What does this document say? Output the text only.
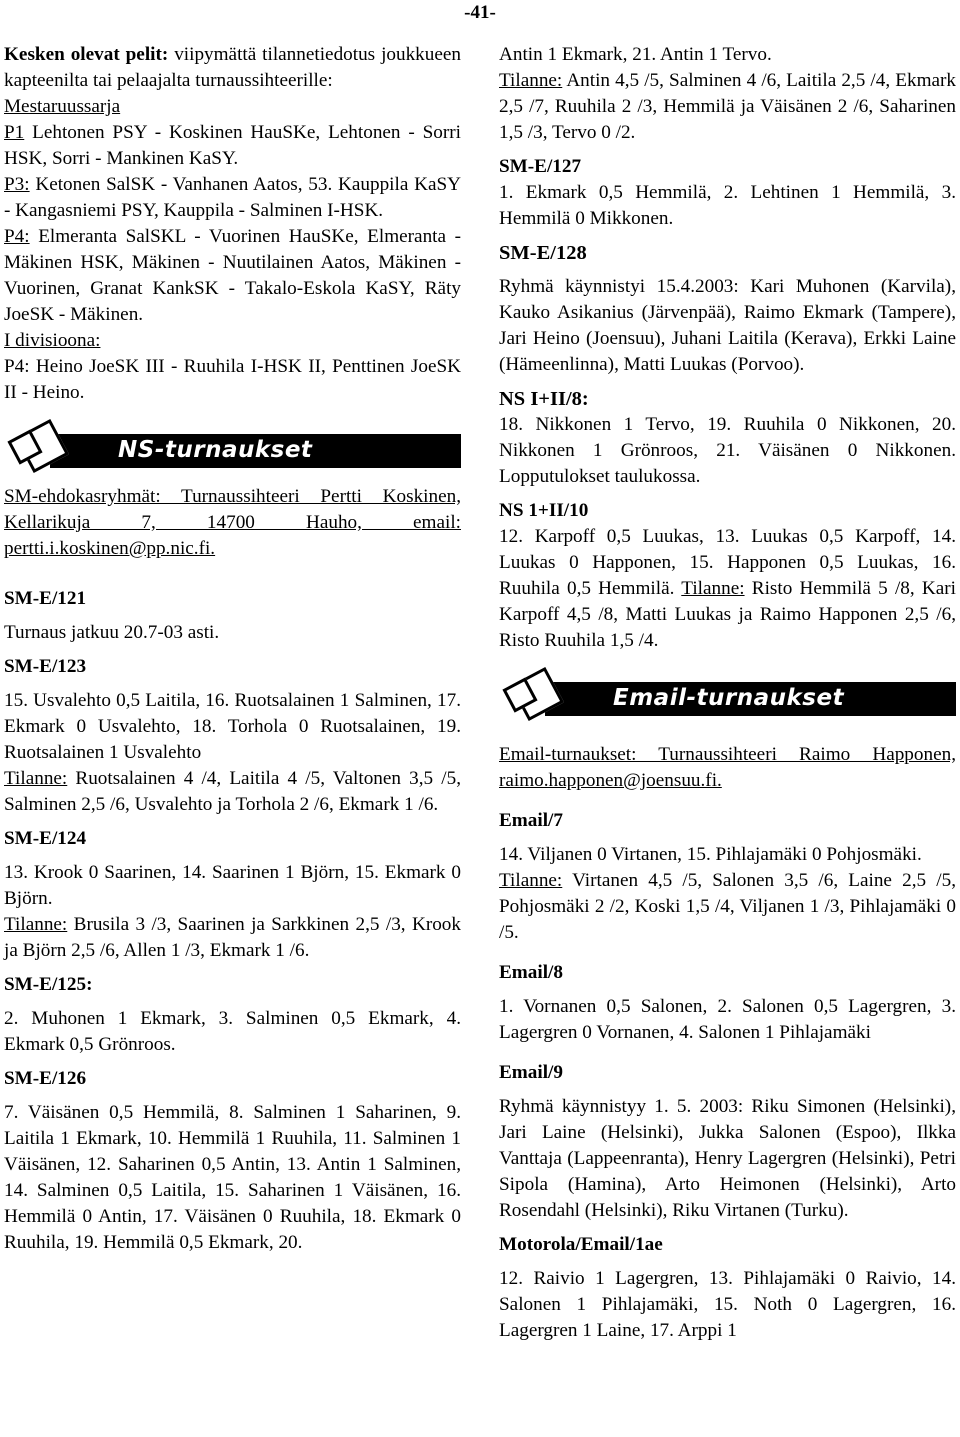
-41-

Kesken olevat pelit: viipymättä tilannetiedotus joukkueen kapteenilta tai pelaajalta turnaussihteerille:

Mestaruussarja

P1 Lehtonen PSY - Koskinen HauSKe, Lehtonen - Sorri HSK, Sorri - Mankinen KaSY.

P3: Ketonen SalSK - Vanhanen Aatos, 53. Kauppila KaSY - Kangasniemi PSY, Kauppila - Salminen I-HSK.

P4: Elmeranta SalSKL - Vuorinen HauSKe, Elmeranta - Mäkinen HSK, Mäkinen - Nuutilainen Aatos, Mäkinen - Vuorinen, Granat KankSK - Takalo-Eskola KaSY, Räty JoeSK - Mäkinen.

I divisioona:

P4: Heino JoeSK III - Ruuhila I-HSK II, Penttinen JoeSK II - Heino.

NS-turnaukset

SM-ehdokasryhmät: Turnaussihteeri Pertti Koskinen, Kellarikuja 7, 14700 Hauho, email: pertti.i.koskinen@pp.nic.fi.

SM-E/121

Turnaus jatkuu 20.7-03 asti.

SM-E/123

15. Usvalehto 0,5 Laitila, 16. Ruotsalainen 1 Salminen, 17. Ekmark 0 Usvalehto, 18. Torhola 0 Ruotsalainen, 19. Ruotsalainen 1 Usvalehto
Tilanne: Ruotsalainen 4 /4, Laitila 4 /5, Valtonen 3,5 /5, Salminen 2,5 /6, Usvalehto ja Torhola 2 /6, Ekmark 1 /6.

SM-E/124

13. Krook 0 Saarinen, 14. Saarinen 1 Björn, 15. Ekmark 0 Björn.

Tilanne: Brusila 3 /3, Saarinen ja Sarkkinen 2,5 /3, Krook ja Björn 2,5 /6, Allen 1 /3, Ekmark 1 /6.

SM-E/125:

2. Muhonen 1 Ekmark, 3. Salminen 0,5 Ekmark, 4. Ekmark 0,5 Grönroos.

SM-E/126

7. Väisänen 0,5 Hemmilä, 8. Salminen 1 Saharinen, 9. Laitila 1 Ekmark, 10. Hemmilä 1 Ruuhila, 11. Salminen 1 Väisänen, 12. Saharinen 0,5 Antin, 13. Antin 1 Salminen, 14. Salminen 0,5 Laitila, 15. Saharinen 1 Väisänen, 16. Hemmilä 0 Antin, 17. Väisänen 0 Ruuhila, 18. Ekmark 0 Ruuhila, 19. Hemmilä 0,5 Ekmark, 20.

Antin 1 Ekmark, 21. Antin 1 Tervo.

Tilanne: Antin 4,5 /5, Salminen 4 /6, Laitila 2,5 /4, Ekmark 2,5 /7, Ruuhila 2 /3, Hemmilä ja Väisänen 2 /6, Saharinen 1,5 /3, Tervo 0 /2.

SM-E/127

1. Ekmark 0,5 Hemmilä, 2. Lehtinen 1 Hemmilä, 3. Hemmilä 0 Mikkonen.

SM-E/128

Ryhmä käynnistyi 15.4.2003: Kari Muhonen (Karvila), Kauko Asikanius (Järvenpää), Raimo Ekmark (Tampere), Jari Heino (Joensuu), Juhani Laitila (Kerava), Erkki Laine (Hämeenlinna), Matti Luukas (Porvoo).

NS I+II/8:

18. Nikkonen 1 Tervo, 19. Ruuhila 0 Nikkonen, 20. Nikkonen 1 Grönroos, 21. Väisänen 0 Nikkonen. Lopputulokset taulukossa.

NS 1+II/10

12. Karpoff 0,5 Luukas, 13. Luukas 0,5 Karpoff, 14. Luukas 0 Happonen, 15. Happonen 0,5 Luukas, 16. Ruuhila 0,5 Hemmilä. Tilanne: Risto Hemmilä 5 /8, Kari Karpoff 4,5 /8, Matti Luukas ja Raimo Happonen 2,5 /6, Risto Ruuhila 1,5 /4.

Email-turnaukset

Email-turnaukset: Turnaussihteeri Raimo Happonen, raimo.happonen@joensuu.fi.

Email/7

14. Viljanen 0 Virtanen, 15. Pihlajamäki 0 Pohjosmäki.

Tilanne: Virtanen 4,5 /5, Salonen 3,5 /6, Laine 2,5 /5, Pohjosmäki 2 /2, Koski 1,5 /4, Viljanen 1 /3, Pihlajamäki 0 /5.

Email/8

1. Vornanen 0,5 Salonen, 2. Salonen 0,5 Lagergren, 3. Lagergren 0 Vornanen, 4. Salonen 1 Pihlajamäki

Email/9

Ryhmä käynnistyy 1. 5. 2003: Riku Simonen (Helsinki), Jari Laine (Helsinki), Jukka Salonen (Espoo), Ilkka Vanttaja (Lappeenranta), Henry Lagergren (Helsinki), Petri Sipola (Hamina), Arto Heimonen (Helsinki), Arto Rosendahl (Helsinki), Riku Virtanen (Turku).

Motorola/Email/1ae

12. Raivio 1 Lagergren, 13. Pihlajamäki 0 Raivio, 14. Salonen 1 Pihlajamäki, 15. Noth 0 Lagergren, 16. Lagergren 1 Laine, 17. Arppi 1
